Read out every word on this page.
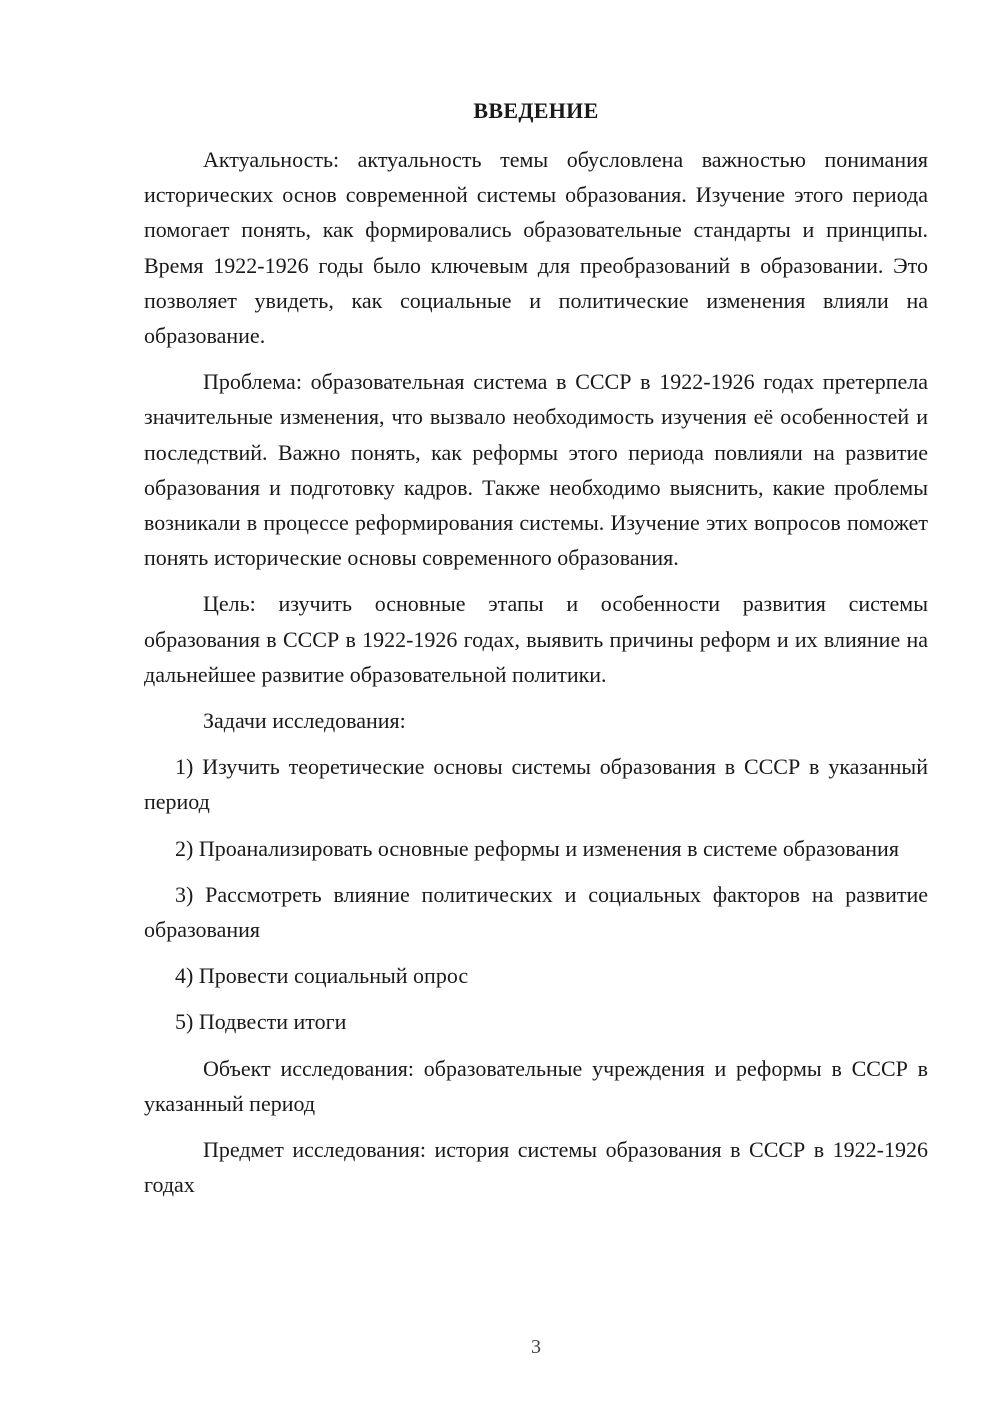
ВВЕДЕНИЕ

Актуальность: актуальность темы обусловлена важностью понимания исторических основ современной системы образования. Изучение этого периода помогает понять, как формировались образовательные стандарты и принципы. Время 1922-1926 годы было ключевым для преобразований в образовании. Это позволяет увидеть, как социальные и политические изменения влияли на образование.

Проблема: образовательная система в СССР в 1922-1926 годах претерпела значительные изменения, что вызвало необходимость изучения её особенностей и последствий. Важно понять, как реформы этого периода повлияли на развитие образования и подготовку кадров. Также необходимо выяснить, какие проблемы возникали в процессе реформирования системы. Изучение этих вопросов поможет понять исторические основы современного образования.

Цель: изучить основные этапы и особенности развития системы образования в СССР в 1922-1926 годах, выявить причины реформ и их влияние на дальнейшее развитие образовательной политики.

Задачи исследования:

1) Изучить теоретические основы системы образования в СССР в указанный период

2) Проанализировать основные реформы и изменения в системе образования

3) Рассмотреть влияние политических и социальных факторов на развитие образования

4) Провести социальный опрос

5) Подвести итоги

Объект исследования: образовательные учреждения и реформы в СССР в указанный период

Предмет исследования: история системы образования в СССР в 1922-1926 годах

3
